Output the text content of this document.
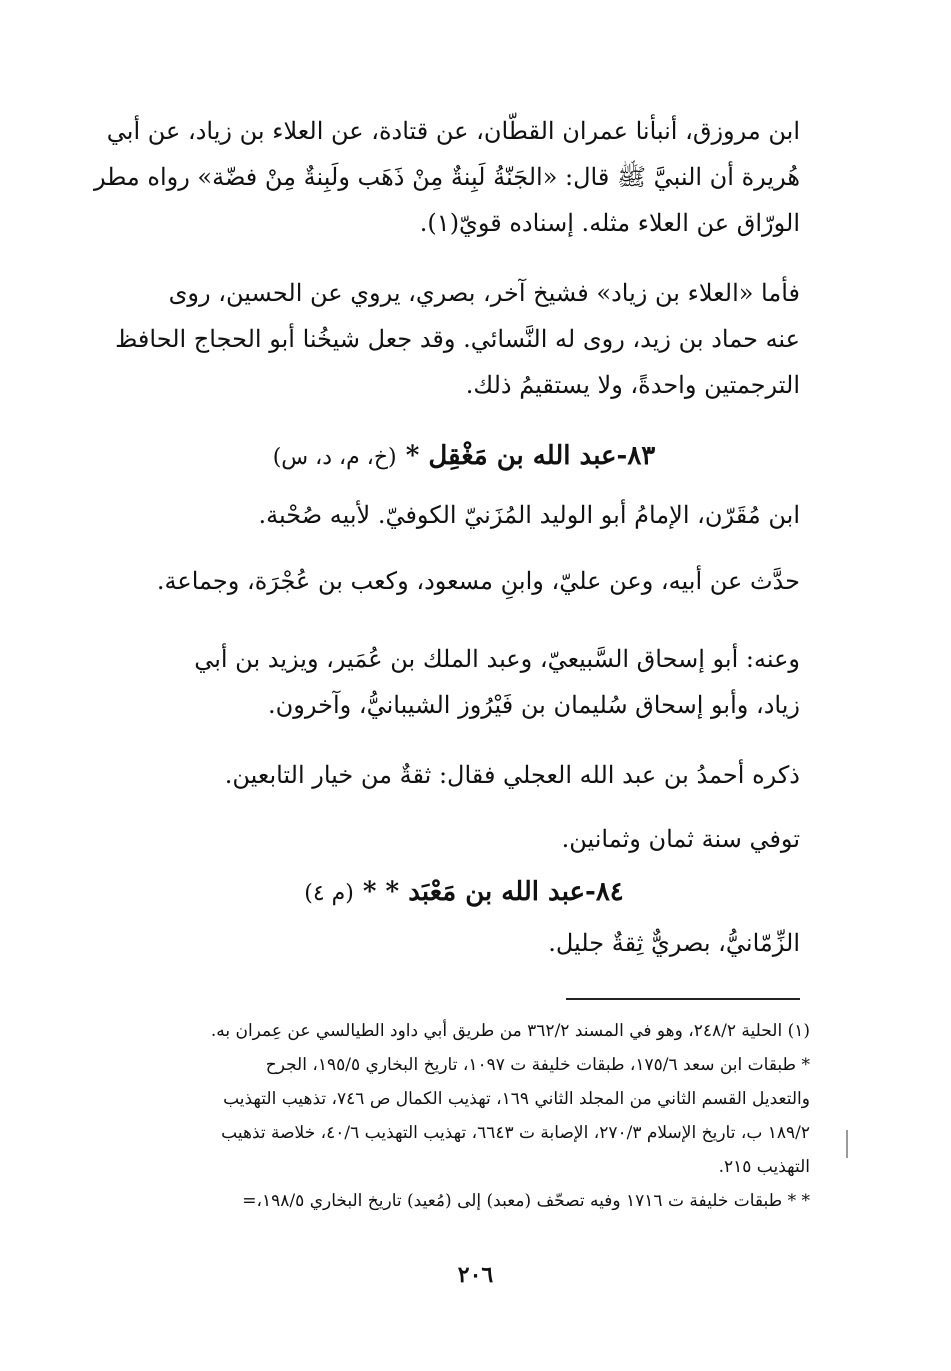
ابن مروزق، أنبأنا عمران القطّان، عن قتادة، عن العلاء بن زياد، عن أبي
هُريرة أن النبيَّ ﷺ قال: «الجَنّةُ لَبِنةٌ مِنْ ذَهَب ولَبِنةٌ مِنْ فضّة» رواه مطر
الورّاق عن العلاء مثله. إسناده قويّ(١).
فأما «العلاء بن زياد» فشيخ آخر، بصري، يروي عن الحسين، روى
عنه حماد بن زيد، روى له النَّسائي. وقد جعل شيخُنا أبو الحجاج الحافظ
الترجمتين واحدةً، ولا يستقيمُ ذلك.
٨٣-عبد الله بن مَغْقِل * (خ، م، د، س)
ابن مُقَرّن، الإمامُ أبو الوليد المُزَنيّ الكوفيّ. لأبيه صُحْبة.
حدَّث عن أبيه، وعن عليّ، وابنِ مسعود، وكعب بن عُجْرَة، وجماعة.
وعنه: أبو إسحاق السَّبيعيّ، وعبد الملك بن عُمَير، ويزيد بن أبي
زياد، وأبو إسحاق سُليمان بن فَيْرُوز الشيبانيُّ، وآخرون.
ذكره أحمدُ بن عبد الله العجلي فقال: ثقةٌ من خيار التابعين.
توفي سنة ثمان وثمانين.
٨٤-عبد الله بن مَعْبَد * * (م ٤)
الزِّمّانيُّ، بصريٌّ ثِقةٌ جليل.
(١) الحلية ٢٤٨/٢، وهو في المسند ٣٦٢/٢ من طريق أبي داود الطيالسي عن عِمران به.
* طبقات ابن سعد ١٧٥/٦، طبقات خليفة ت ١٠٩٧، تاريخ البخاري ١٩٥/٥، الجرح
والتعديل القسم الثاني من المجلد الثاني ١٦٩، تهذيب الكمال ص ٧٤٦، تذهيب التهذيب
١٨٩/٢ ب، تاريخ الإسلام ٢٧٠/٣، الإصابة ت ٦٦٤٣، تهذيب التهذيب ٤٠/٦، خلاصة تذهيب
التهذيب ٢١٥.
* * طبقات خليفة ت ١٧١٦ وفيه تصحّف (معبد) إلى (مُعيد) تاريخ البخاري ١٩٨/٥،=
٢٠٦
